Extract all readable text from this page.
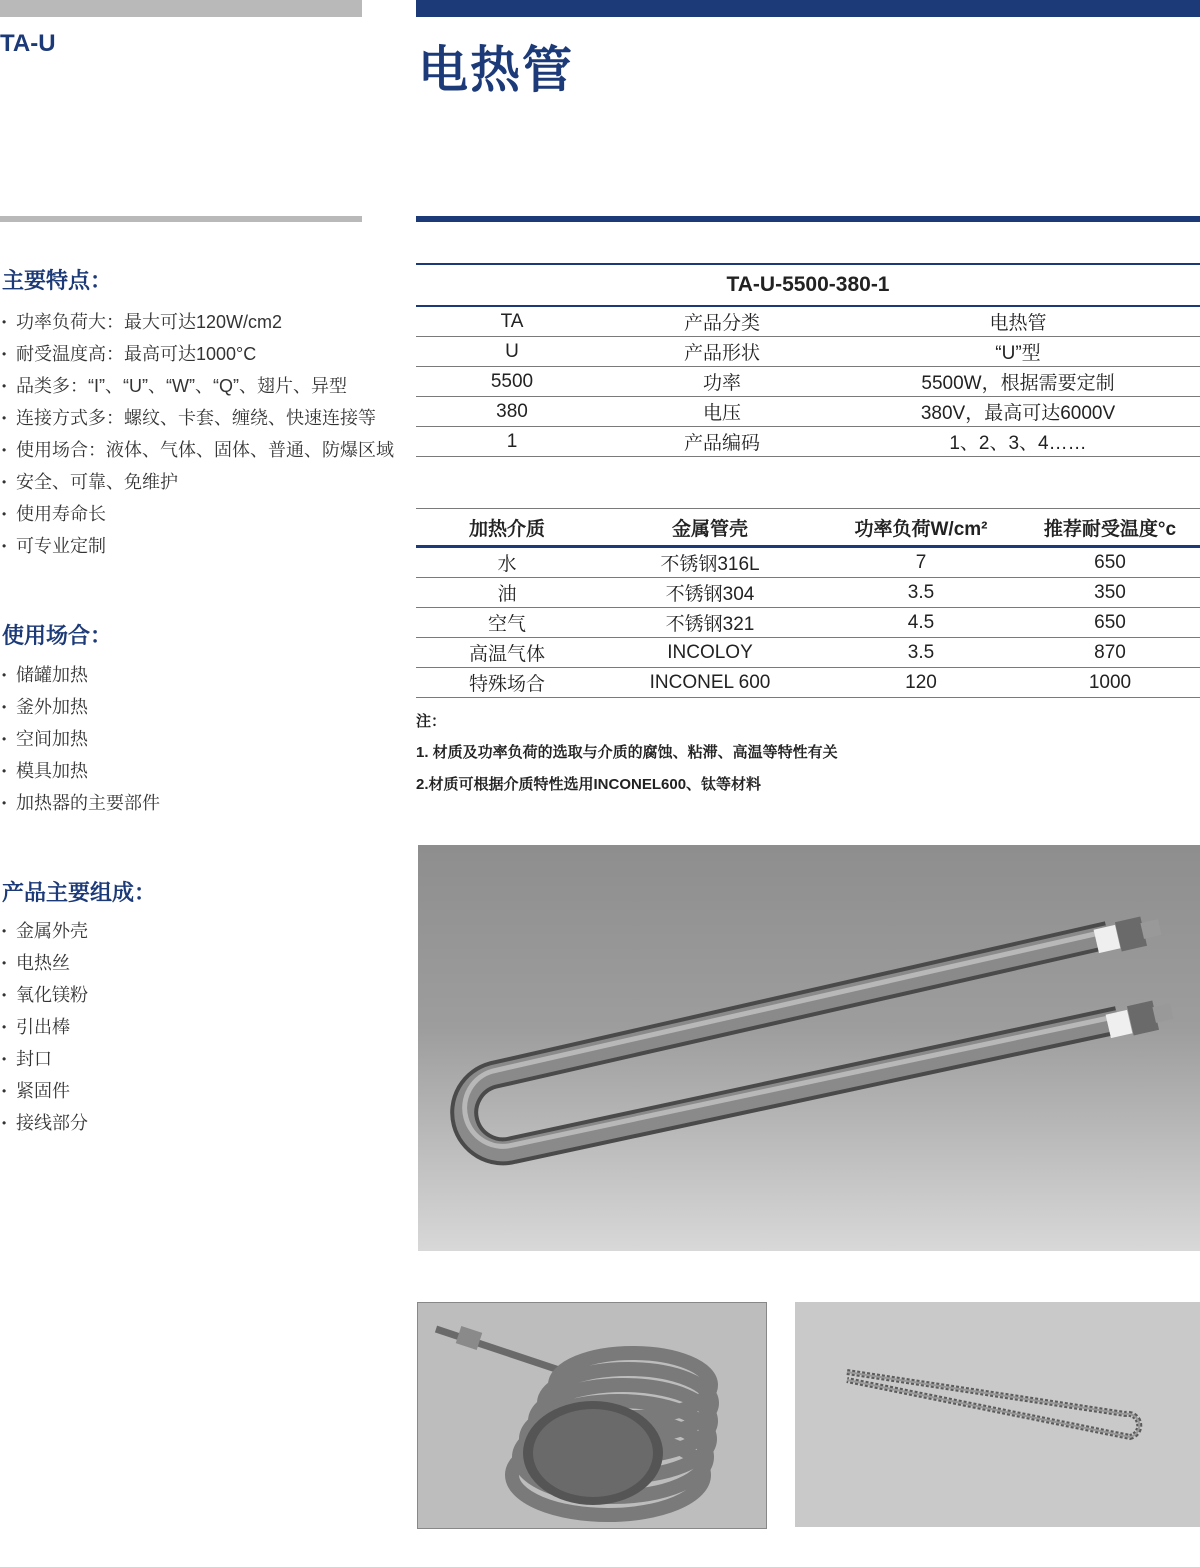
TA-U	电热管
主要特点：
• 功率负荷大：最大可达120W/cm2
• 耐受温度高：最高可达1000°C
• 品类多：“I”、“U”、“W”、“Q”、翅片、异型
• 连接方式多：螺纹、卡套、缠绕、快速连接等
• 使用场合：液体、气体、固体、普通、防爆区域
• 安全、可靠、免维护
• 使用寿命长
• 可专业定制
使用场合：
• 储罐加热
• 釜外加热
• 空间加热
• 模具加热
• 加热器的主要部件
产品主要组成：
• 金属外壳
• 电热丝
• 氧化镁粉
• 引出棒
• 封口
• 紧固件
• 接线部分
TA-U-5500-380-1		
TA	产品分类	电热管
U	产品形状	“U”型
5500	功率	5500W，根据需要定制
380	电压	380V，最高可达6000V
1	产品编码	1、2、3、4……
加热介质	金属管壳	功率负荷W/cm²	推荐耐受温度°c
水	不锈钢316L	7	650
油	不锈钢304	3.5	350
空气	不锈钢321	4.5	650
高温气体	INCOLOY	3.5	870
特殊场合	INCONEL 600	120	1000
注：
1. 材质及功率负荷的选取与介质的腐蚀、粘滞、高温等特性有关
2.材质可根据介质特性选用INCONEL600、钛等材料
